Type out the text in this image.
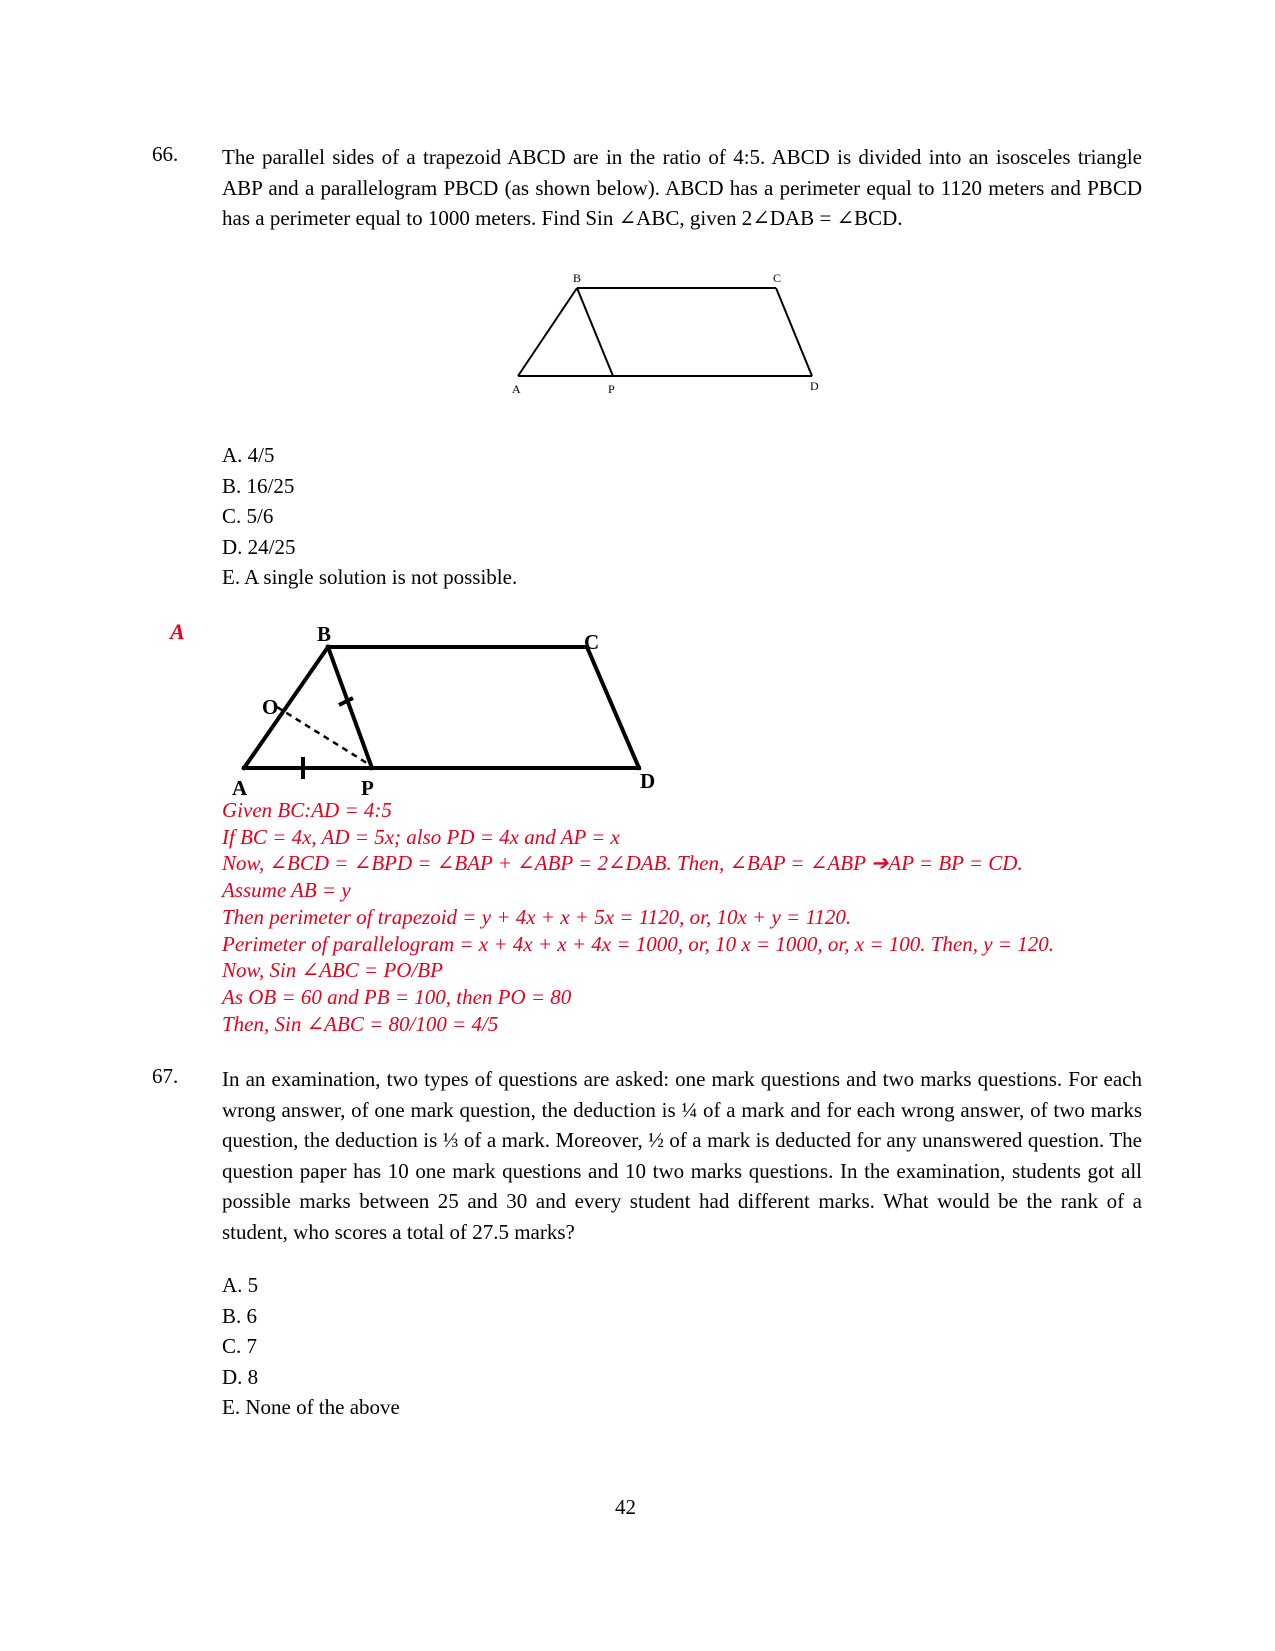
66. The parallel sides of a trapezoid ABCD are in the ratio of 4:5. ABCD is divided into an isosceles triangle ABP and a parallelogram PBCD (as shown below). ABCD has a perimeter equal to 1120 meters and PBCD has a perimeter equal to 1000 meters. Find Sin ∠ABC, given 2∠DAB = ∠BCD.
B	C
A	P	D
A. 4/5
B. 16/25
C. 5/6
D. 24/25
E. A single solution is not possible.
A	B	C
O
A	P	D
Given BC:AD = 4:5
If BC = 4x, AD = 5x; also PD = 4x and AP = x
Now, ∠BCD = ∠BPD = ∠BAP + ∠ABP = 2∠DAB. Then, ∠BAP = ∠ABP ➔AP = BP = CD.
Assume AB = y
Then perimeter of trapezoid = y + 4x + x + 5x = 1120, or, 10x + y = 1120.
Perimeter of parallelogram = x + 4x + x + 4x = 1000, or, 10 x = 1000, or, x = 100. Then, y = 120.
Now, Sin ∠ABC = PO/BP
As OB = 60 and PB = 100, then PO = 80
Then, Sin ∠ABC = 80/100 = 4/5
67. In an examination, two types of questions are asked: one mark questions and two marks questions. For each wrong answer, of one mark question, the deduction is ¼ of a mark and for each wrong answer, of two marks question, the deduction is ⅓ of a mark. Moreover, ½ of a mark is deducted for any unanswered question. The question paper has 10 one mark questions and 10 two marks questions. In the examination, students got all possible marks between 25 and 30 and every student had different marks. What would be the rank of a student, who scores a total of 27.5 marks?
A. 5
B. 6
C. 7
D. 8
E. None of the above
42
